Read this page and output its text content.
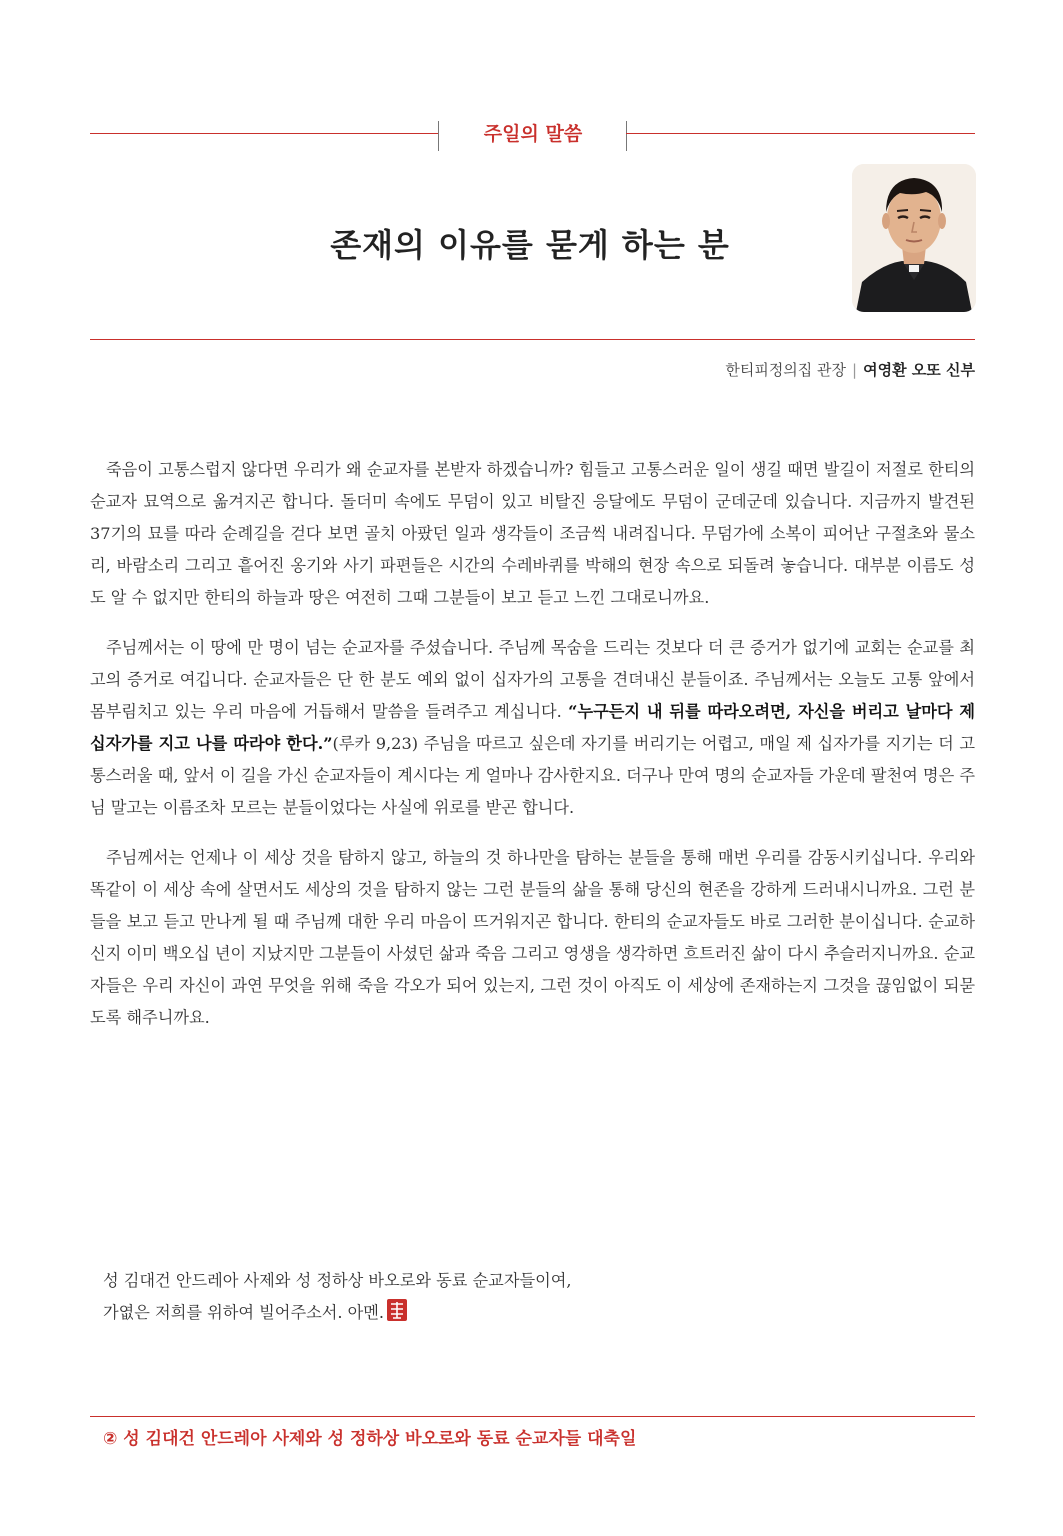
주일의 말씀
존재의 이유를 묻게 하는 분
한티피정의집 관장 | 여영환 오또 신부

죽음이 고통스럽지 않다면 우리가 왜 순교자를 본받자 하겠습니까? 힘들고 고통스러운 일이 생길 때면 발길이 저절로 한티의 순교자 묘역으로 옮겨지곤 합니다. 돌더미 속에도 무덤이 있고 비탈진 응달에도 무덤이 군데군데 있습니다. 지금까지 발견된 37기의 묘를 따라 순례길을 걷다 보면 골치 아팠던 일과 생각들이 조금씩 내려집니다. 무덤가에 소복이 피어난 구절초와 물소리, 바람소리 그리고 흩어진 옹기와 사기 파편들은 시간의 수레바퀴를 박해의 현장 속으로 되돌려 놓습니다. 대부분 이름도 성도 알 수 없지만 한티의 하늘과 땅은 여전히 그때 그분들이 보고 듣고 느낀 그대로니까요.

주님께서는 이 땅에 만 명이 넘는 순교자를 주셨습니다. 주님께 목숨을 드리는 것보다 더 큰 증거가 없기에 교회는 순교를 최고의 증거로 여깁니다. 순교자들은 단 한 분도 예외 없이 십자가의 고통을 견뎌내신 분들이죠. 주님께서는 오늘도 고통 앞에서 몸부림치고 있는 우리 마음에 거듭해서 말씀을 들려주고 계십니다. “누구든지 내 뒤를 따라오려면, 자신을 버리고 날마다 제 십자가를 지고 나를 따라야 한다.”(루카 9,23) 주님을 따르고 싶은데 자기를 버리기는 어렵고, 매일 제 십자가를 지기는 더 고통스러울 때, 앞서 이 길을 가신 순교자들이 계시다는 게 얼마나 감사한지요. 더구나 만여 명의 순교자들 가운데 팔천여 명은 주님 말고는 이름조차 모르는 분들이었다는 사실에 위로를 받곤 합니다.

주님께서는 언제나 이 세상 것을 탐하지 않고, 하늘의 것 하나만을 탐하는 분들을 통해 매번 우리를 감동시키십니다. 우리와 똑같이 이 세상 속에 살면서도 세상의 것을 탐하지 않는 그런 분들의 삶을 통해 당신의 현존을 강하게 드러내시니까요. 그런 분들을 보고 듣고 만나게 될 때 주님께 대한 우리 마음이 뜨거워지곤 합니다. 한티의 순교자들도 바로 그러한 분이십니다. 순교하신지 이미 백오십 년이 지났지만 그분들이 사셨던 삶과 죽음 그리고 영생을 생각하면 흐트러진 삶이 다시 추슬러지니까요. 순교자들은 우리 자신이 과연 무엇을 위해 죽을 각오가 되어 있는지, 그런 것이 아직도 이 세상에 존재하는지 그것을 끊임없이 되묻도록 해주니까요.

성 김대건 안드레아 사제와 성 정하상 바오로와 동료 순교자들이여,
가엾은 저희를 위하여 빌어주소서. 아멘.
② 성 김대건 안드레아 사제와 성 정하상 바오로와 동료 순교자들 대축일
